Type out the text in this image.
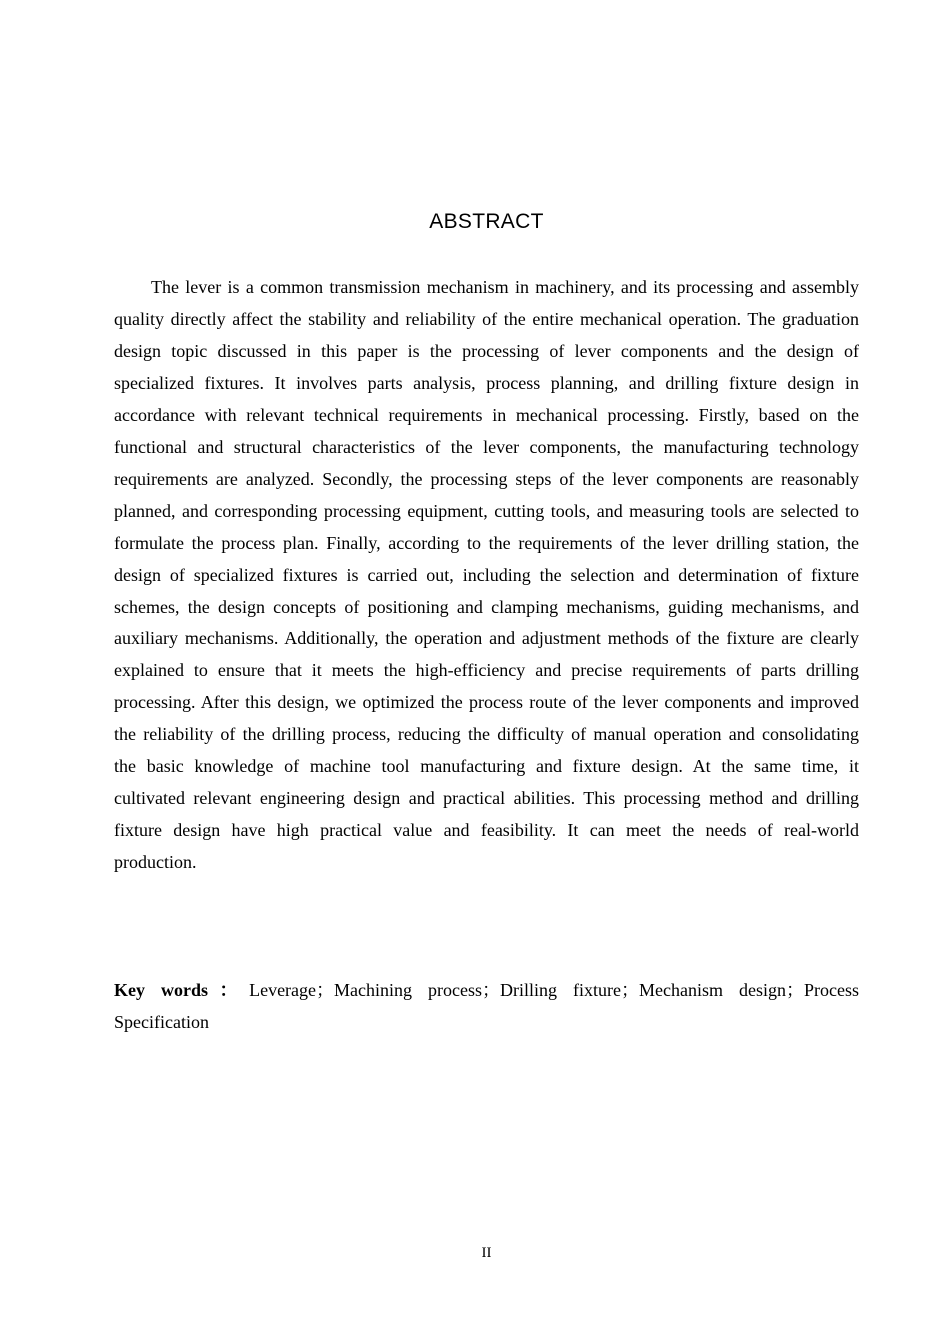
ABSTRACT

The lever is a common transmission mechanism in machinery, and its processing and assembly quality directly affect the stability and reliability of the entire mechanical operation. The graduation design topic discussed in this paper is the processing of lever components and the design of specialized fixtures. It involves parts analysis, process planning, and drilling fixture design in accordance with relevant technical requirements in mechanical processing. Firstly, based on the functional and structural characteristics of the lever components, the manufacturing technology requirements are analyzed. Secondly, the processing steps of the lever components are reasonably planned, and corresponding processing equipment, cutting tools, and measuring tools are selected to formulate the process plan. Finally, according to the requirements of the lever drilling station, the design of specialized fixtures is carried out, including the selection and determination of fixture schemes, the design concepts of positioning and clamping mechanisms, guiding mechanisms, and auxiliary mechanisms. Additionally, the operation and adjustment methods of the fixture are clearly explained to ensure that it meets the high-efficiency and precise requirements of parts drilling processing. After this design, we optimized the process route of the lever components and improved the reliability of the drilling process, reducing the difficulty of manual operation and consolidating the basic knowledge of machine tool manufacturing and fixture design. At the same time, it cultivated relevant engineering design and practical abilities. This processing method and drilling fixture design have high practical value and feasibility. It can meet the needs of real-world production.

Key words：Leverage；Machining process；Drilling fixture；Mechanism design；Process Specification

II
